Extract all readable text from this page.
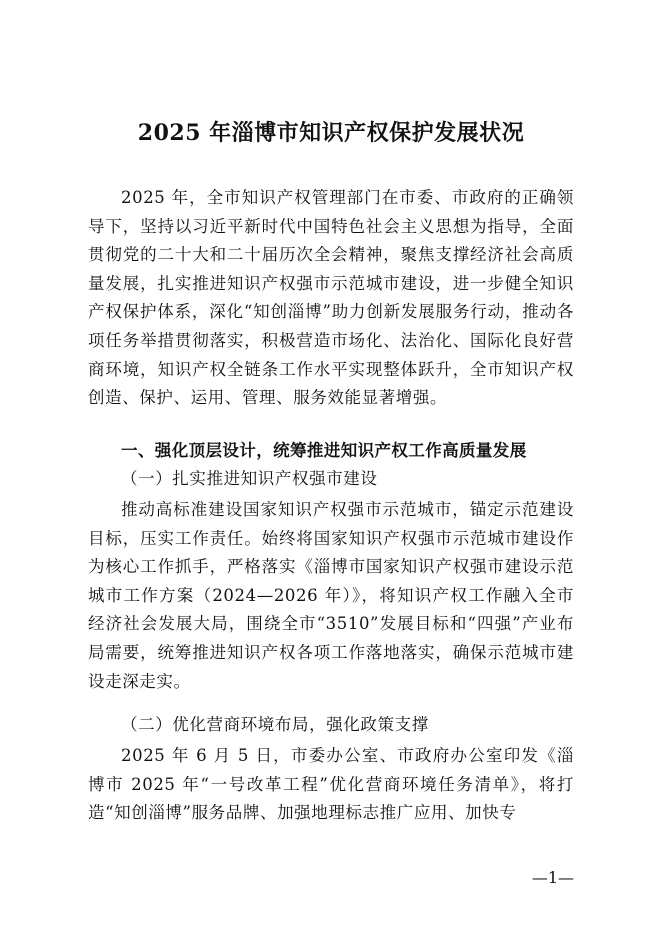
2025 年淄博市知识产权保护发展状况

2025 年，全市知识产权管理部门在市委、市政府的正确领导下，坚持以习近平新时代中国特色社会主义思想为指导，全面贯彻党的二十大和二十届历次全会精神，聚焦支撑经济社会高质量发展，扎实推进知识产权强市示范城市建设，进一步健全知识产权保护体系，深化“知创淄博”助力创新发展服务行动，推动各项任务举措贯彻落实，积极营造市场化、法治化、国际化良好营商环境，知识产权全链条工作水平实现整体跃升，全市知识产权创造、保护、运用、管理、服务效能显著增强。

一、强化顶层设计，统筹推进知识产权工作高质量发展

（一）扎实推进知识产权强市建设

推动高标准建设国家知识产权强市示范城市，锚定示范建设目标，压实工作责任。始终将国家知识产权强市示范城市建设作为核心工作抓手，严格落实《淄博市国家知识产权强市建设示范城市工作方案（2024—2026 年）》，将知识产权工作融入全市经济社会发展大局，围绕全市“3510”发展目标和“四强”产业布局需要，统筹推进知识产权各项工作落地落实，确保示范城市建设走深走实。

（二）优化营商环境布局，强化政策支撑

2025 年 6 月 5 日，市委办公室、市政府办公室印发《淄博市 2025 年“一号改革工程”优化营商环境任务清单》，将打造“知创淄博”服务品牌、加强地理标志推广应用、加快专

—1—
